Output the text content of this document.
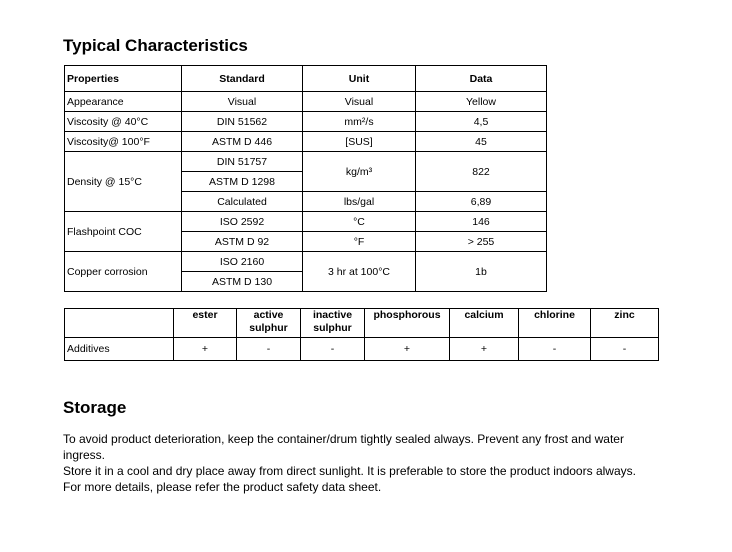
Typical Characteristics
Properties	Standard	Unit	Data
Appearance	Visual	Visual	Yellow
Viscosity @ 40°C	DIN 51562	mm²/s	4,5
Viscosity@ 100°F	ASTM D 446	[SUS]	45
Density @ 15°C	DIN 51757	kg/m³	822
	ASTM D 1298		
	Calculated	lbs/gal	6,89
Flashpoint COC	ISO 2592	°C	146
	ASTM D 92	°F	> 255
Copper corrosion	ISO 2160	3 hr at 100°C	1b
	ASTM D 130		
	ester	active sulphur	inactive sulphur	phosphorous	calcium	chlorine	zinc
Additives	+	-	-	+	+	-	-
Storage

To avoid product deterioration, keep the container/drum tightly sealed always. Prevent any frost and water ingress.

Store it in a cool and dry place away from direct sunlight. It is preferable to store the product indoors always.

For more details, please refer the product safety data sheet.
